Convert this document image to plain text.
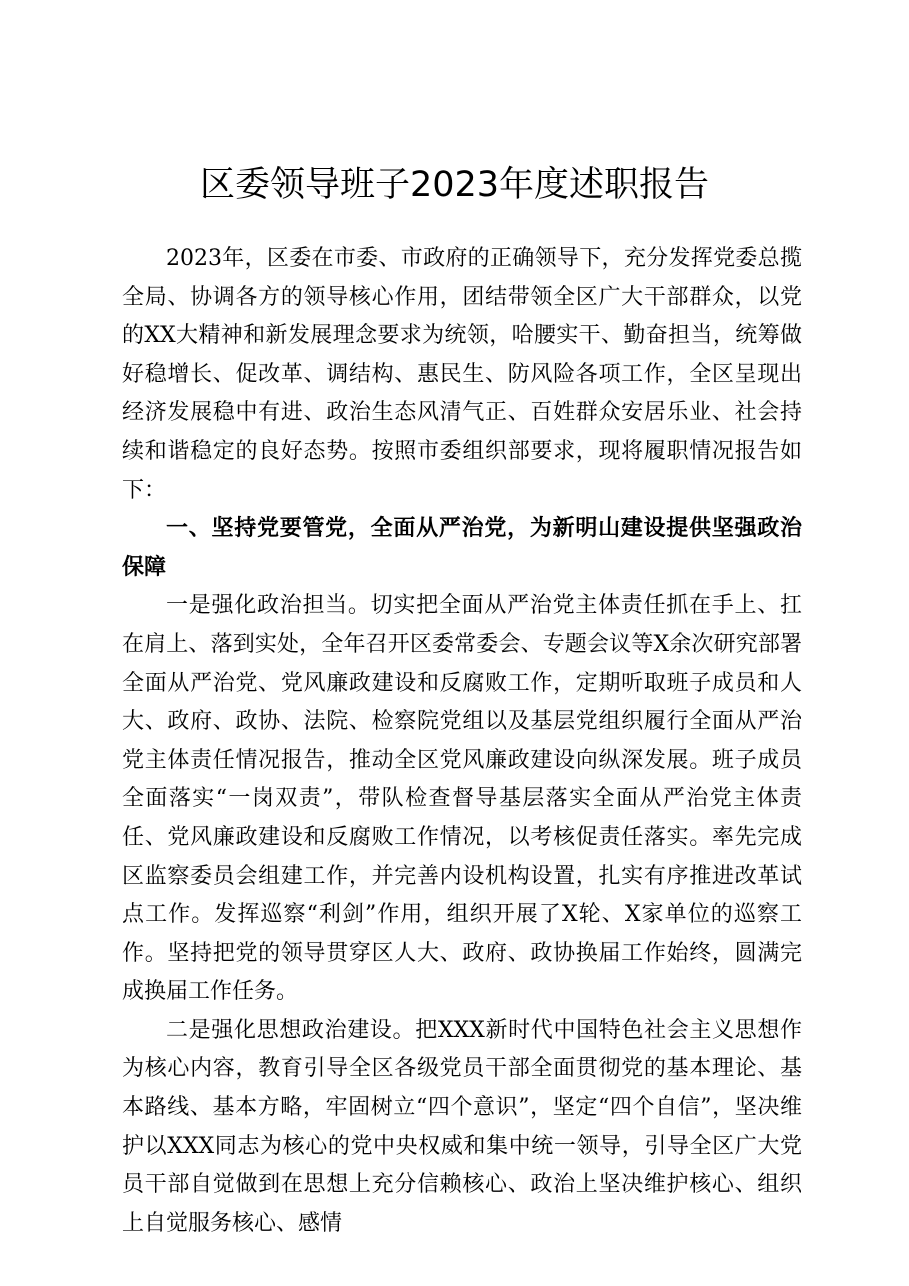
区委领导班子2023年度述职报告

2023年，区委在市委、市政府的正确领导下，充分发挥党委总揽全局、协调各方的领导核心作用，团结带领全区广大干部群众，以党的XX大精神和新发展理念要求为统领，哈腰实干、勤奋担当，统筹做好稳增长、促改革、调结构、惠民生、防风险各项工作，全区呈现出经济发展稳中有进、政治生态风清气正、百姓群众安居乐业、社会持续和谐稳定的良好态势。按照市委组织部要求，现将履职情况报告如下：

一、坚持党要管党，全面从严治党，为新明山建设提供坚强政治保障

一是强化政治担当。切实把全面从严治党主体责任抓在手上、扛在肩上、落到实处，全年召开区委常委会、专题会议等X余次研究部署全面从严治党、党风廉政建设和反腐败工作，定期听取班子成员和人大、政府、政协、法院、检察院党组以及基层党组织履行全面从严治党主体责任情况报告，推动全区党风廉政建设向纵深发展。班子成员全面落实“一岗双责”，带队检查督导基层落实全面从严治党主体责任、党风廉政建设和反腐败工作情况，以考核促责任落实。率先完成区监察委员会组建工作，并完善内设机构设置，扎实有序推进改革试点工作。发挥巡察“利剑”作用，组织开展了X轮、X家单位的巡察工作。坚持把党的领导贯穿区人大、政府、政协换届工作始终，圆满完成换届工作任务。

二是强化思想政治建设。把XXX新时代中国特色社会主义思想作为核心内容，教育引导全区各级党员干部全面贯彻党的基本理论、基本路线、基本方略，牢固树立“四个意识”，坚定“四个自信”，坚决维护以XXX同志为核心的党中央权威和集中统一领导，引导全区广大党员干部自觉做到在思想上充分信赖核心、政治上坚决维护核心、组织上自觉服务核心、感情
